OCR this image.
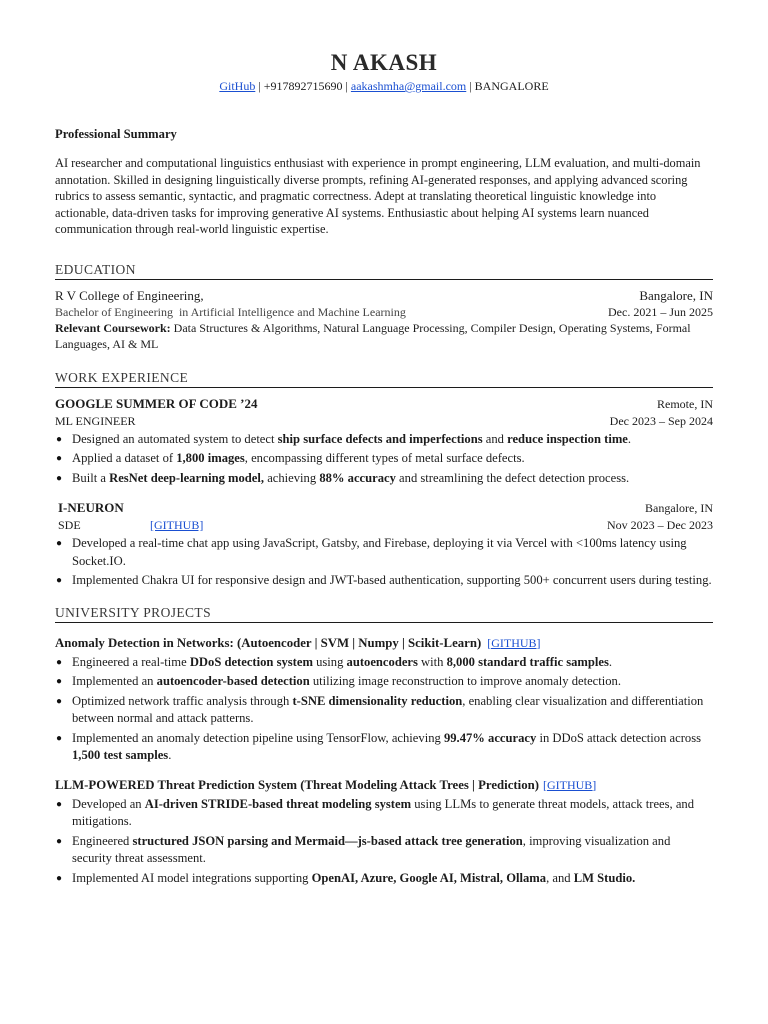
N AKASH
GitHub | +917892715690 | aakashmha@gmail.com | BANGALORE
Professional Summary
AI researcher and computational linguistics enthusiast with experience in prompt engineering, LLM evaluation, and multi-domain annotation. Skilled in designing linguistically diverse prompts, refining AI-generated responses, and applying advanced scoring rubrics to assess semantic, syntactic, and pragmatic correctness. Adept at translating theoretical linguistic knowledge into actionable, data-driven tasks for improving generative AI systems. Enthusiastic about helping AI systems learn nuanced communication through real-world linguistic expertise.
EDUCATION
R V College of Engineering,	Bangalore, IN
Bachelor of Engineering  in Artificial Intelligence and Machine Learning	Dec. 2021 – Jun 2025
Relevant Coursework: Data Structures & Algorithms, Natural Language Processing, Compiler Design, Operating Systems, Formal Languages, AI & ML
WORK EXPERIENCE
GOOGLE SUMMER OF CODE ’24	Remote, IN
ML ENGINEER	Dec 2023 – Sep 2024
● Designed an automated system to detect ship surface defects and imperfections and reduce inspection time.
● Applied a dataset of 1,800 images, encompassing different types of metal surface defects.
● Built a ResNet deep-learning model, achieving 88% accuracy and streamlining the defect detection process.
I-NEURON	Bangalore, IN
SDE	[GITHUB]	Nov 2023 – Dec 2023
● Developed a real-time chat app using JavaScript, Gatsby, and Firebase, deploying it via Vercel with <100ms latency using Socket.IO.
● Implemented Chakra UI for responsive design and JWT-based authentication, supporting 500+ concurrent users during testing.
UNIVERSITY PROJECTS
Anomaly Detection in Networks: (Autoencoder | SVM | Numpy | Scikit-Learn) [GITHUB]
● Engineered a real-time DDoS detection system using autoencoders with 8,000 standard traffic samples.
● Implemented an autoencoder-based detection utilizing image reconstruction to improve anomaly detection.
● Optimized network traffic analysis through t-SNE dimensionality reduction, enabling clear visualization and differentiation between normal and attack patterns.
● Implemented an anomaly detection pipeline using TensorFlow, achieving 99.47% accuracy in DDoS attack detection across 1,500 test samples.
LLM-POWERED Threat Prediction System (Threat Modeling Attack Trees | Prediction) [GITHUB]
● Developed an AI-driven STRIDE-based threat modeling system using LLMs to generate threat models, attack trees, and mitigations.
● Engineered structured JSON parsing and Mermaid—js-based attack tree generation, improving visualization and security threat assessment.
● Implemented AI model integrations supporting OpenAI, Azure, Google AI, Mistral, Ollama, and LM Studio.
